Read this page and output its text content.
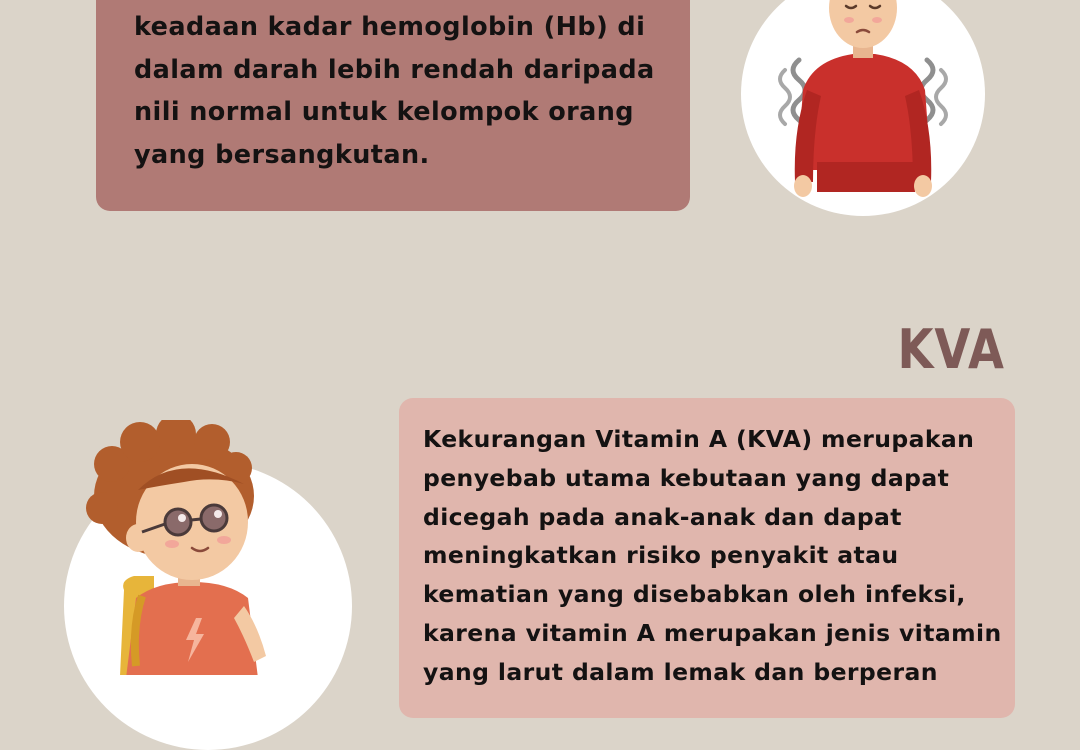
keadaan kadar hemoglobin (Hb) di
dalam darah lebih rendah daripada
nili normal untuk kelompok orang
yang bersangkutan.

KVA

Kekurangan Vitamin A (KVA) merupakan
penyebab utama kebutaan yang dapat
dicegah pada anak-anak dan dapat
meningkatkan risiko penyakit atau
kematian yang disebabkan oleh infeksi,
karena vitamin A merupakan jenis vitamin
yang larut dalam lemak dan berperan
